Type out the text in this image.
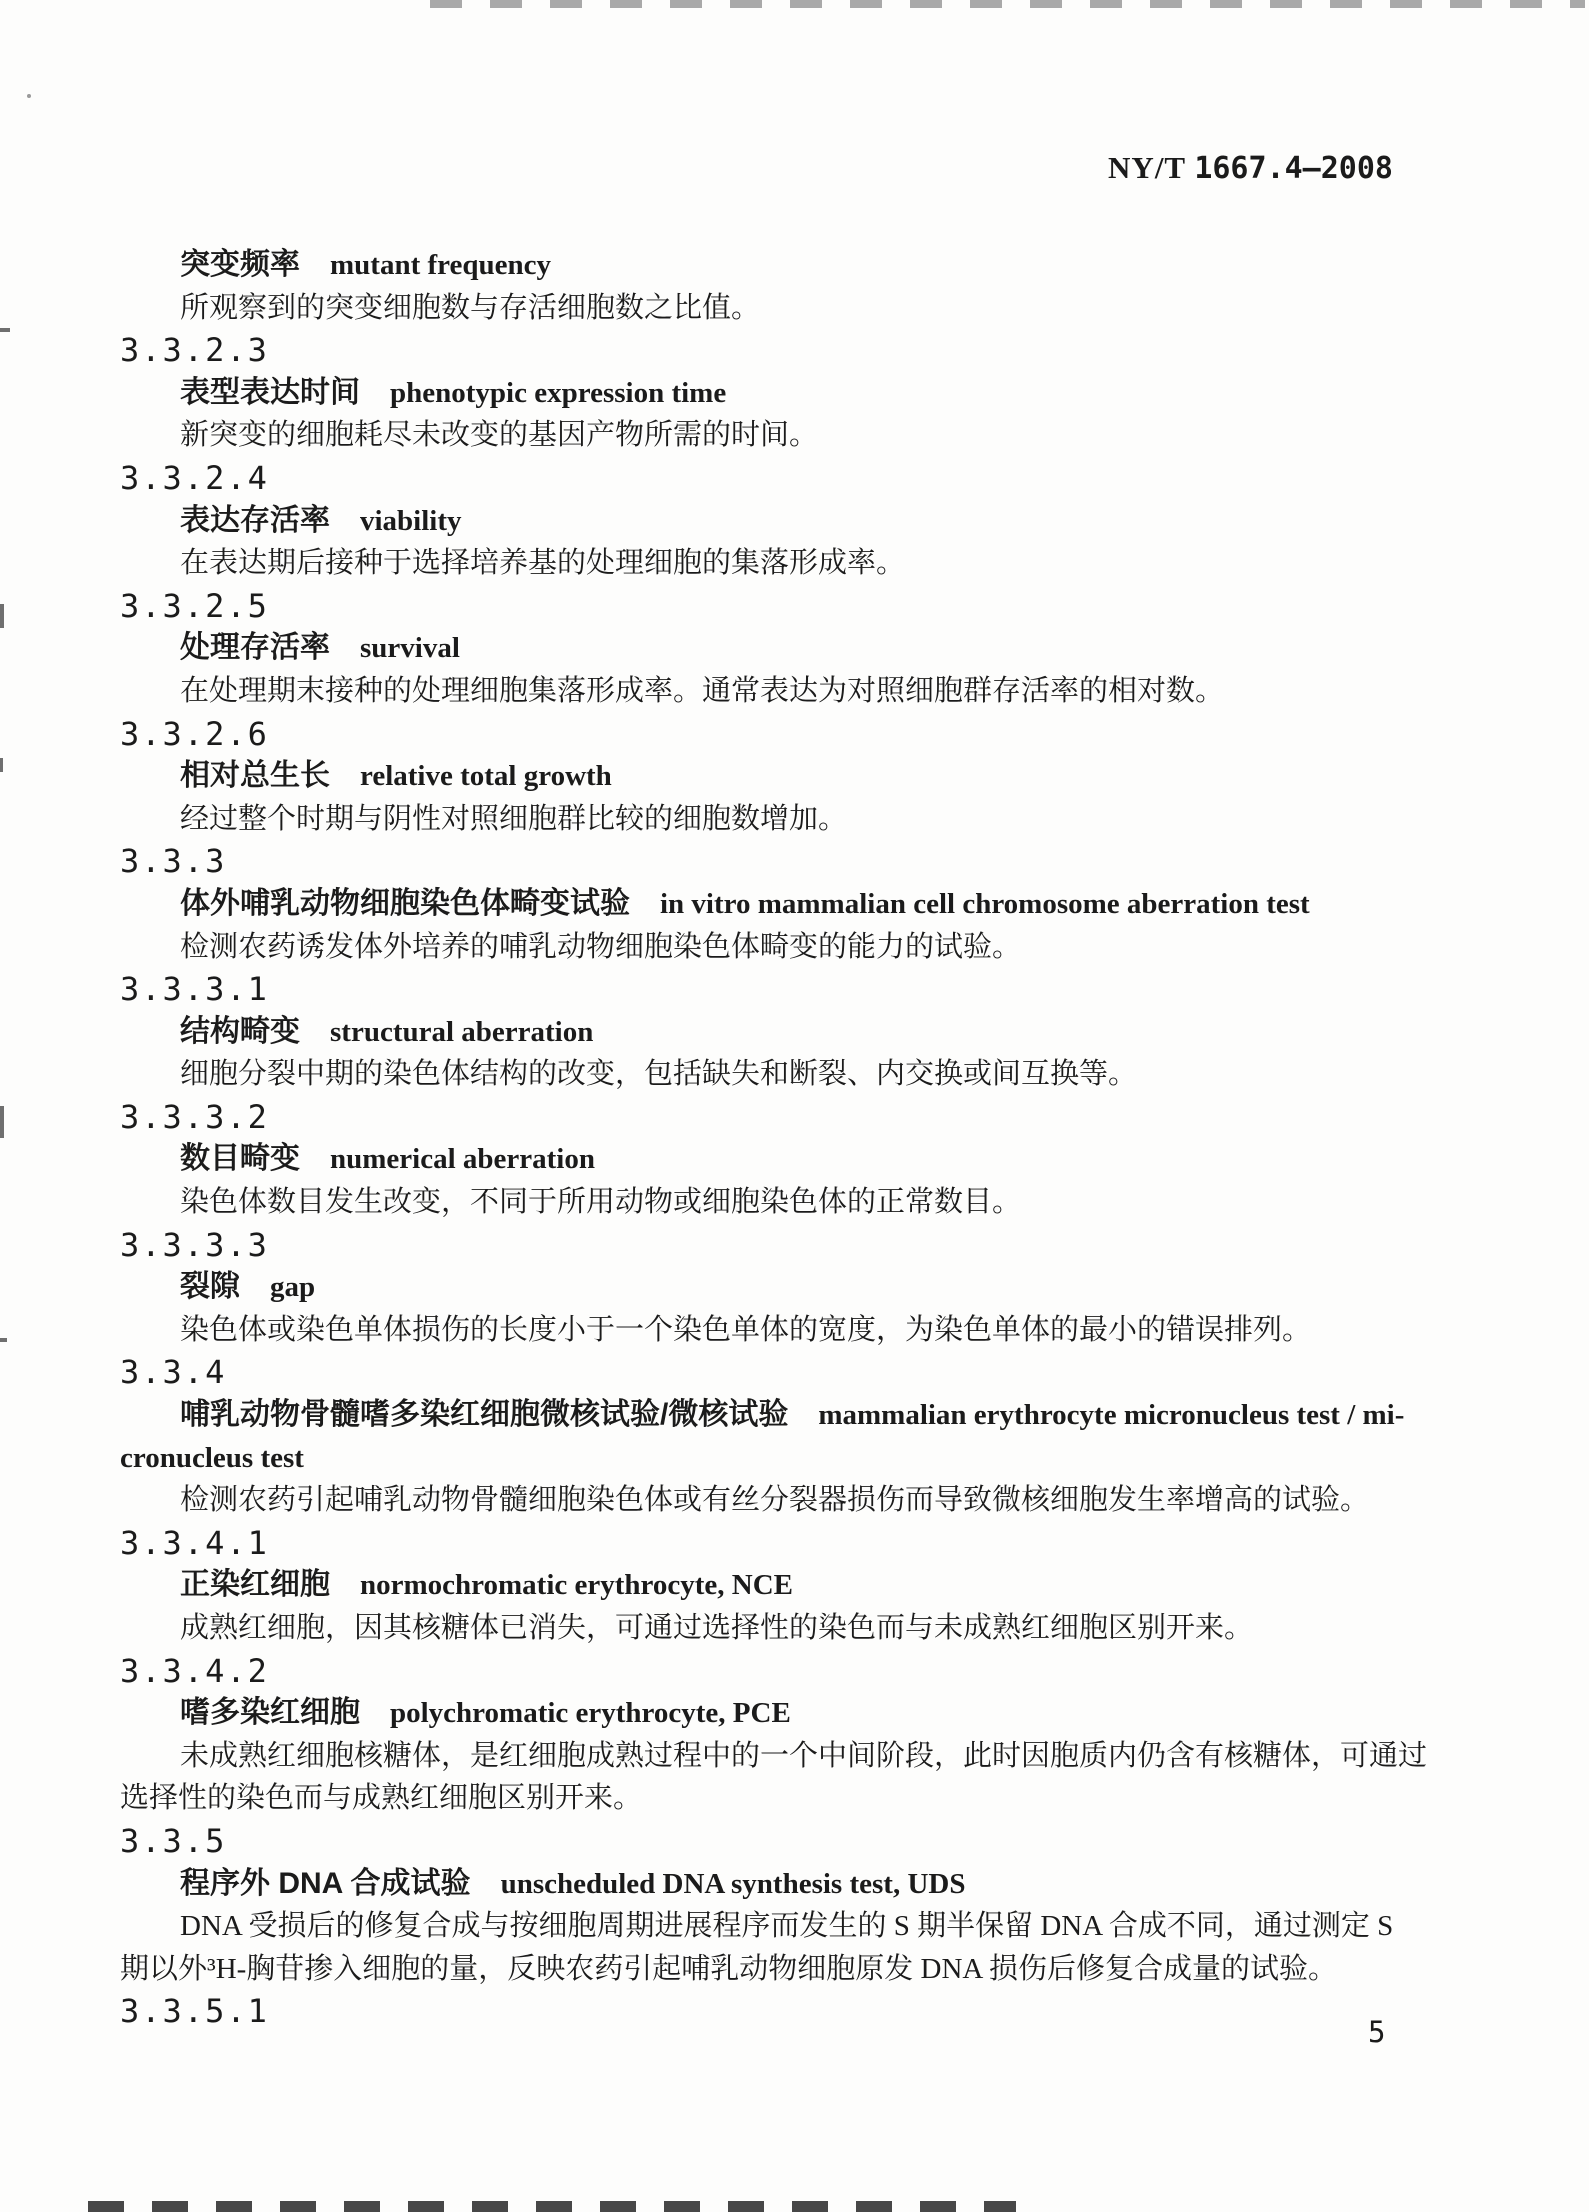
NY/T 1667.4—2008
突变频率 mutant frequency
所观察到的突变细胞数与存活细胞数之比值。
3.3.2.3
表型表达时间 phenotypic expression time
新突变的细胞耗尽未改变的基因产物所需的时间。
3.3.2.4
表达存活率 viability
在表达期后接种于选择培养基的处理细胞的集落形成率。
3.3.2.5
处理存活率 survival
在处理期末接种的处理细胞集落形成率。通常表达为对照细胞群存活率的相对数。
3.3.2.6
相对总生长 relative total growth
经过整个时期与阴性对照细胞群比较的细胞数增加。
3.3.3
体外哺乳动物细胞染色体畸变试验 in vitro mammalian cell chromosome aberration test
检测农药诱发体外培养的哺乳动物细胞染色体畸变的能力的试验。
3.3.3.1
结构畸变 structural aberration
细胞分裂中期的染色体结构的改变，包括缺失和断裂、内交换或间互换等。
3.3.3.2
数目畸变 numerical aberration
染色体数目发生改变，不同于所用动物或细胞染色体的正常数目。
3.3.3.3
裂隙 gap
染色体或染色单体损伤的长度小于一个染色单体的宽度，为染色单体的最小的错误排列。
3.3.4
哺乳动物骨髓嗜多染红细胞微核试验/微核试验 mammalian erythrocyte micronucleus test / mi-
cronucleus test
检测农药引起哺乳动物骨髓细胞染色体或有丝分裂器损伤而导致微核细胞发生率增高的试验。
3.3.4.1
正染红细胞 normochromatic erythrocyte, NCE
成熟红细胞，因其核糖体已消失，可通过选择性的染色而与未成熟红细胞区别开来。
3.3.4.2
嗜多染红细胞 polychromatic erythrocyte, PCE
未成熟红细胞核糖体，是红细胞成熟过程中的一个中间阶段，此时因胞质内仍含有核糖体，可通过
选择性的染色而与成熟红细胞区别开来。
3.3.5
程序外 DNA 合成试验 unscheduled DNA synthesis test, UDS
DNA 受损后的修复合成与按细胞周期进展程序而发生的 S 期半保留 DNA 合成不同，通过测定 S
期以外³H-胸苷掺入细胞的量，反映农药引起哺乳动物细胞原发 DNA 损伤后修复合成量的试验。
3.3.5.1
5
